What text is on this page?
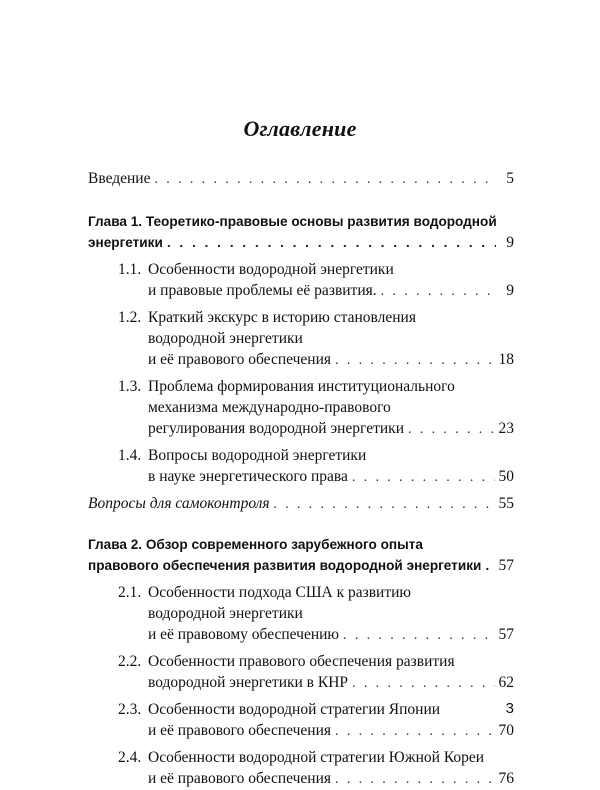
Оглавление
Введение . . .	5
Глава 1. Теоретико-правовые основы развития водородной
энергетики . . .	9
1.1. Особенности водородной энергетики
и правовые проблемы её развития. . . .	9
1.2. Краткий экскурс в историю становления
водородной энергетики
и её правового обеспечения . . .	18
1.3. Проблема формирования институционального
механизма международно-правового
регулирования водородной энергетики . . .	23
1.4. Вопросы водородной энергетики
в науке энергетического права . . .	50
Вопросы для самоконтроля . . .	55
Глава 2. Обзор современного зарубежного опыта
правового обеспечения развития водородной энергетики . . . 57
2.1. Особенности подхода США к развитию
водородной энергетики
и её правовому обеспечению . . .	57
2.2. Особенности правового обеспечения развития
водородной энергетики в КНР . . .	62
2.3. Особенности водородной стратегии Японии
и её правового обеспечения . . .	70
2.4. Особенности водородной стратегии Южной Кореи
и её правового обеспечения . . .	76
3
